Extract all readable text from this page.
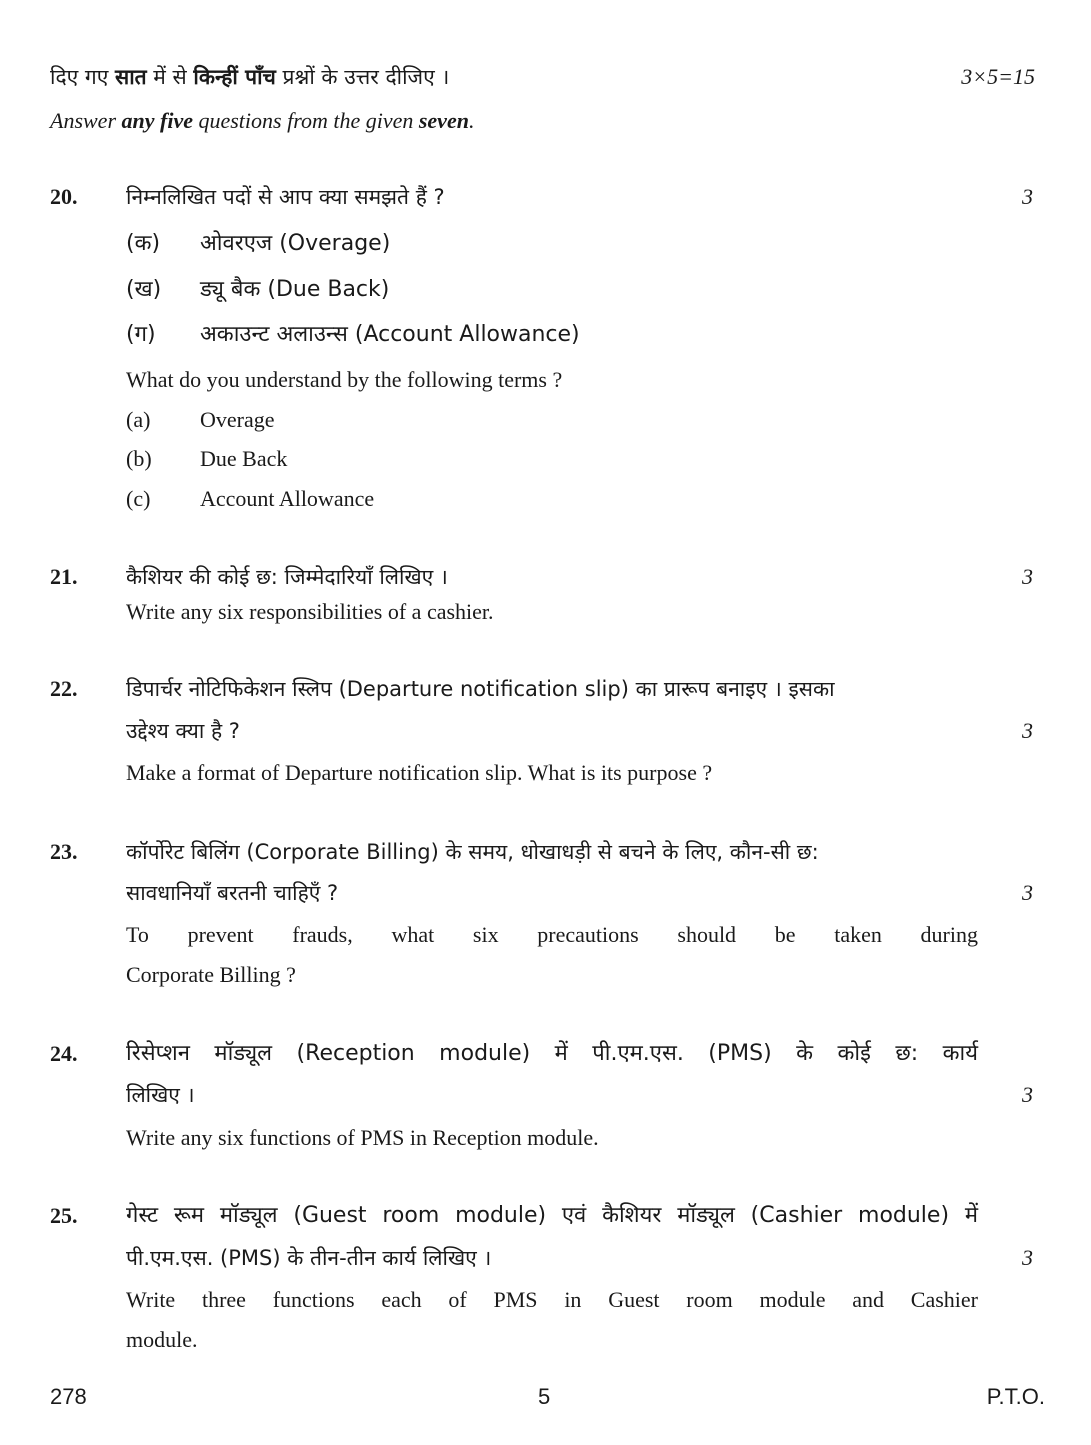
दिए गए सात में से किन्हीं पाँच प्रश्नों के उत्तर दीजिए ।	3×5=15
Answer any five questions from the given seven.
20. निम्नलिखित पदों से आप क्या समझते हैं ?	3
(क) ओवरएज (Overage)
(ख) ड्यू बैक (Due Back)
(ग) अकाउन्ट अलाउन्स (Account Allowance)
What do you understand by the following terms ?
(a) Overage
(b) Due Back
(c) Account Allowance
21. कैशियर की कोई छ: जिम्मेदारियाँ लिखिए ।	3
Write any six responsibilities of a cashier.
22. डिपार्चर नोटिफिकेशन स्लिप (Departure notification slip) का प्रारूप बनाइए । इसका
उद्देश्य क्या है ?	3
Make a format of Departure notification slip. What is its purpose ?
23. कॉर्पोरेट बिलिंग (Corporate Billing) के समय, धोखाधड़ी से बचने के लिए, कौन-सी छ:
सावधानियाँ बरतनी चाहिएँ ?	3
To prevent frauds, what six precautions should be taken during
Corporate Billing ?
24. रिसेप्शन मॉड्यूल (Reception module) में पी.एम.एस. (PMS) के कोई छ: कार्य
लिखिए ।	3
Write any six functions of PMS in Reception module.
25. गेस्ट रूम मॉड्यूल (Guest room module) एवं कैशियर मॉड्यूल (Cashier module) में
पी.एम.एस. (PMS) के तीन-तीन कार्य लिखिए ।	3
Write three functions each of PMS in Guest room module and Cashier
module.
278	5	P.T.O.
